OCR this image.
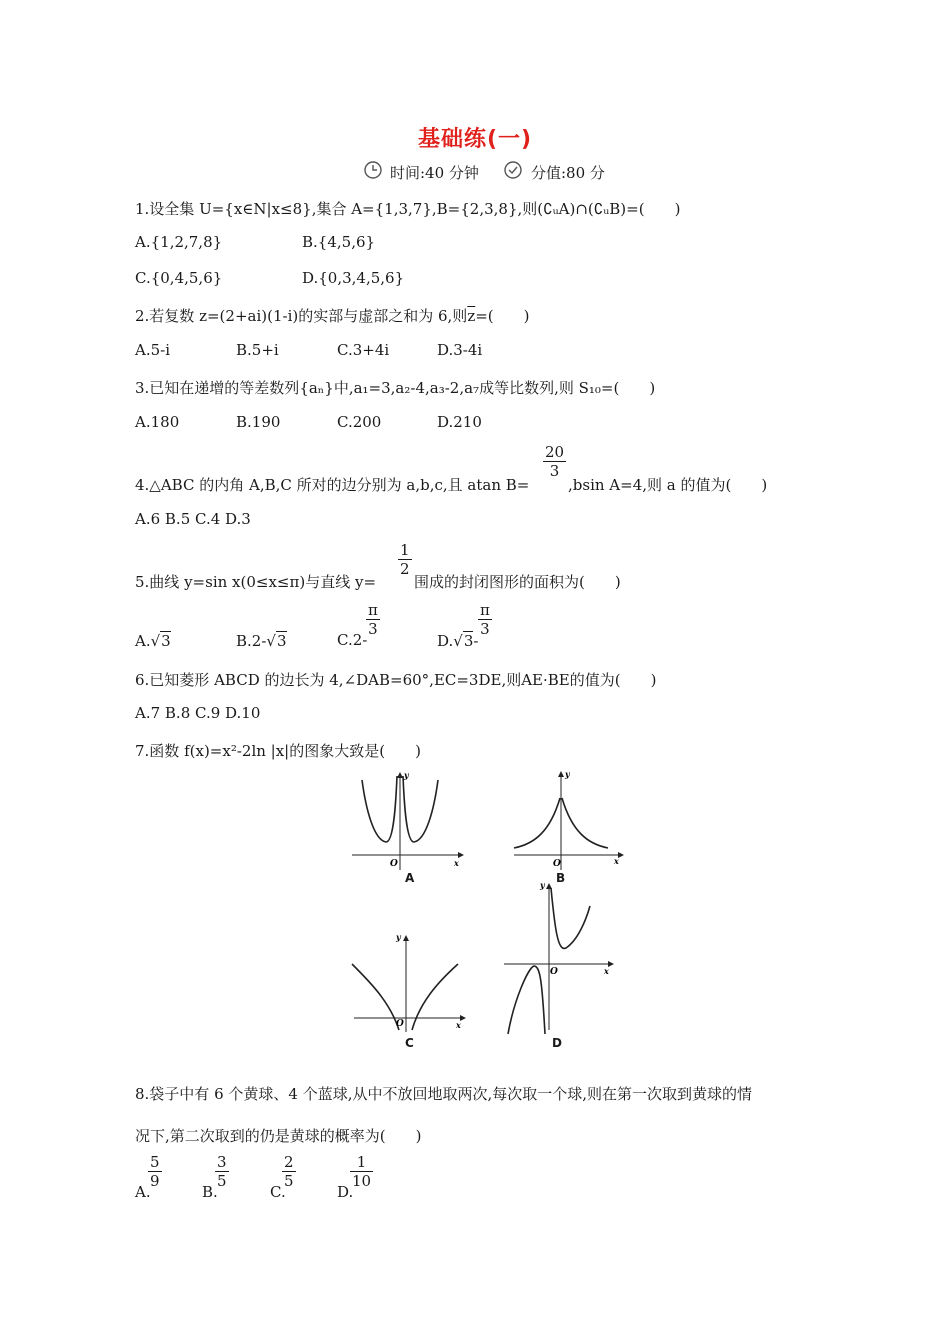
基础练(一)
时间:40 分钟	分值:80 分
1.设全集 U={x∈N|x≤8},集合 A={1,3,7},B={2,3,8},则(∁ᵤA)∩(∁ᵤB)=(　　)
A.{1,2,7,8}	B.{4,5,6}
C.{0,4,5,6}	D.{0,3,4,5,6}
2.若复数 z=(2+ai)(1-i)的实部与虚部之和为 6,则$\overline{z}=$(　　)
A.5-i	B.5+i	C.3+4i	D.3-4i
3.已知在递增的等差数列{aₙ}中,a₁=3,a₂-4,a₃-2,a₇成等比数列,则 S₁₀=(　　)
A.180	B.190	C.200	D.210
4.△ABC 的内角 A,B,C 所对的边分别为 a,b,c,且 atan B=
$\frac{20}{3}$
,bsin A=4,则 a 的值为(　　)
A.6 B.5 C.4 D.3
5.曲线 y=sin x(0≤x≤π)与直线 y=
$\frac{1}{2}$
围成的封闭图形的面积为(　　)
A.√3	B.2-√3	C.2-
$\frac{\pi}{3}$
D.√3-
$\frac{\pi}{3}$
6.已知菱形 ABCD 的边长为 4,∠DAB=60°,EC=3DE,则AE·BE的值为(　　)
A.7 B.8 C.9 D.10
7.函数 f(x)=x²-2ln |x|的图象大致是(　　)
O
y
x
A
O
y
x
B
O
y
x
C
O
y
x
D
8.袋子中有 6 个黄球、4 个蓝球,从中不放回地取两次,每次取一个球,则在第一次取到黄球的情
况下,第二次取到的仍是黄球的概率为(　　)
A.
$\frac{5}{9}$
B.
$\frac{3}{5}$
C.
$\frac{2}{5}$
D.
$\frac{1}{10}$
